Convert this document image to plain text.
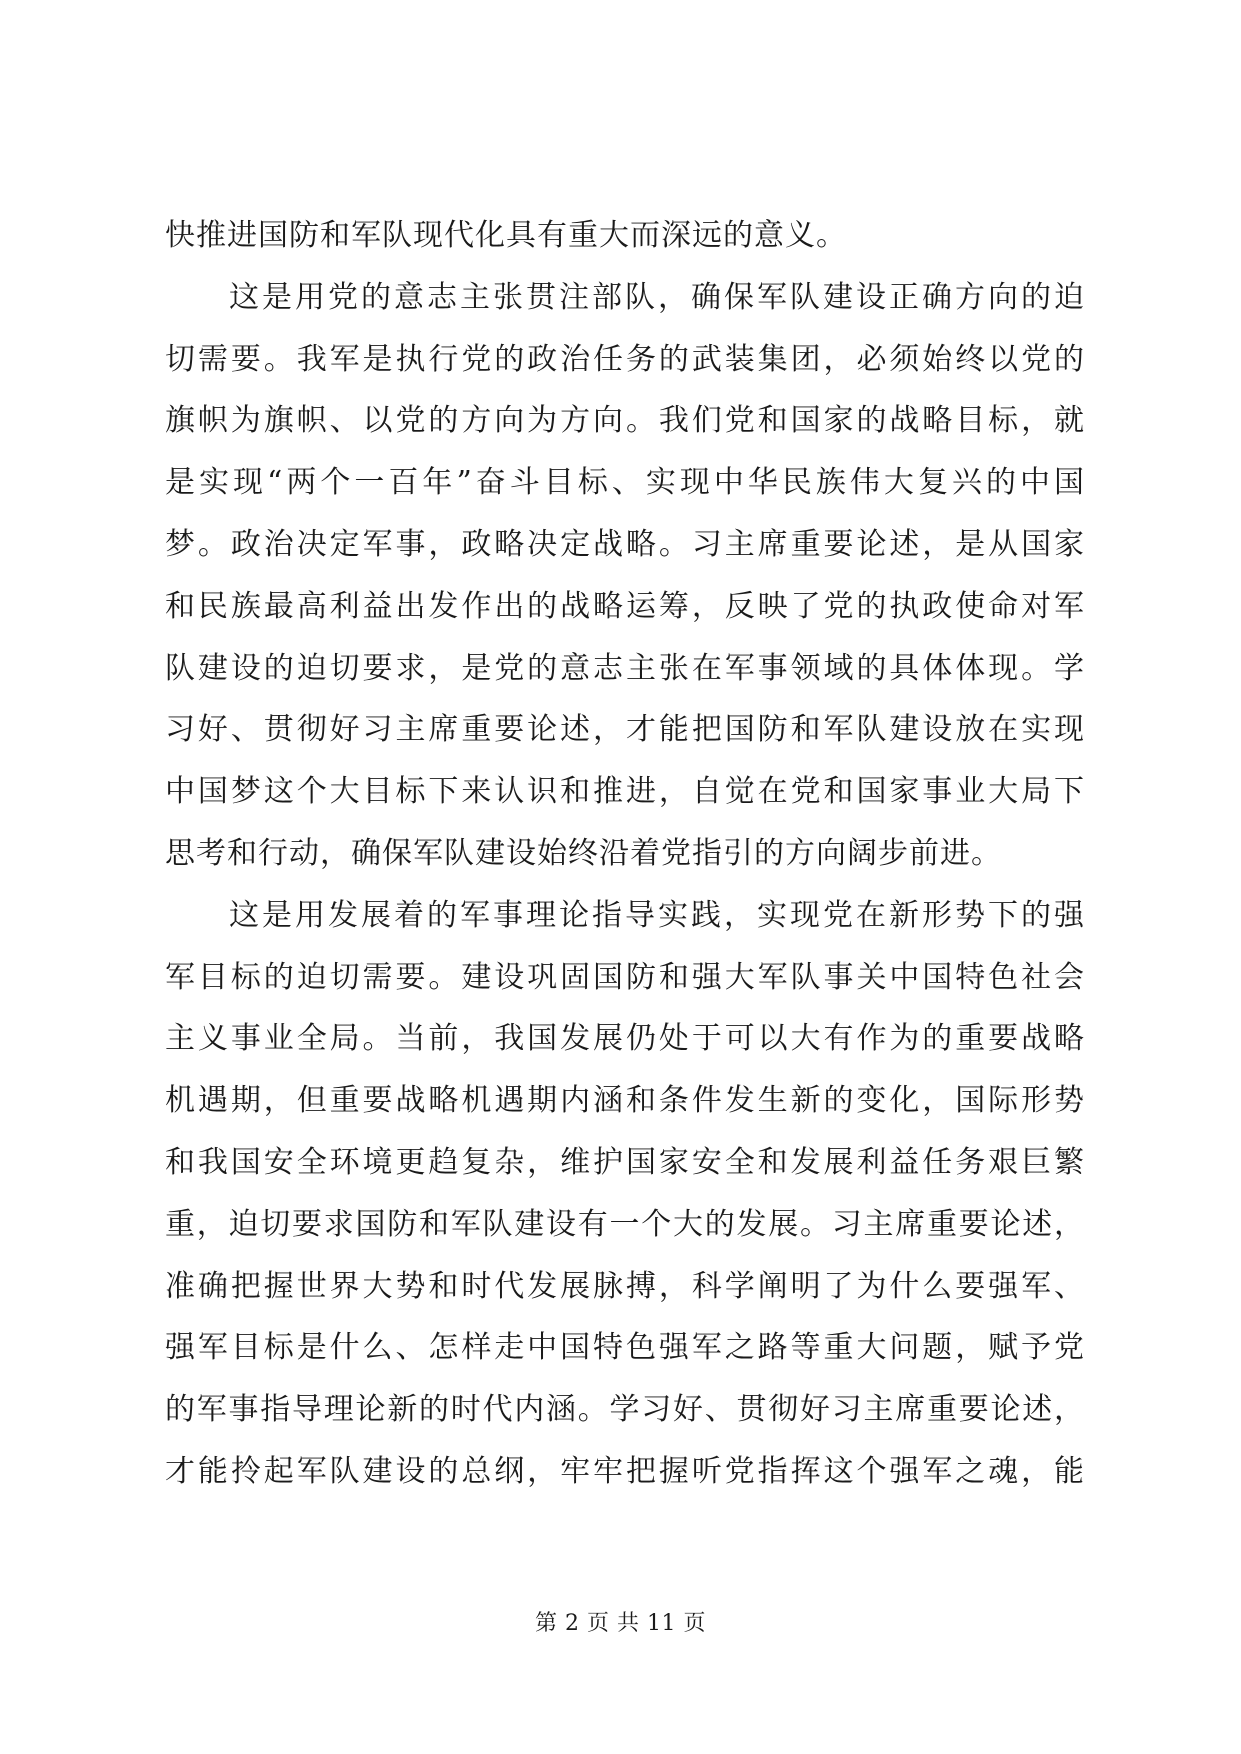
快推进国防和军队现代化具有重大而深远的意义。
这是用党的意志主张贯注部队，确保军队建设正确方向的迫
切需要。我军是执行党的政治任务的武装集团，必须始终以党的
旗帜为旗帜、以党的方向为方向。我们党和国家的战略目标，就
是实现“两个一百年”奋斗目标、实现中华民族伟大复兴的中国
梦。政治决定军事，政略决定战略。习主席重要论述，是从国家
和民族最高利益出发作出的战略运筹，反映了党的执政使命对军
队建设的迫切要求，是党的意志主张在军事领域的具体体现。学
习好、贯彻好习主席重要论述，才能把国防和军队建设放在实现
中国梦这个大目标下来认识和推进，自觉在党和国家事业大局下
思考和行动，确保军队建设始终沿着党指引的方向阔步前进。
这是用发展着的军事理论指导实践，实现党在新形势下的强
军目标的迫切需要。建设巩固国防和强大军队事关中国特色社会
主义事业全局。当前，我国发展仍处于可以大有作为的重要战略
机遇期，但重要战略机遇期内涵和条件发生新的变化，国际形势
和我国安全环境更趋复杂，维护国家安全和发展利益任务艰巨繁
重，迫切要求国防和军队建设有一个大的发展。习主席重要论述，
准确把握世界大势和时代发展脉搏，科学阐明了为什么要强军、
强军目标是什么、怎样走中国特色强军之路等重大问题，赋予党
的军事指导理论新的时代内涵。学习好、贯彻好习主席重要论述，
才能拎起军队建设的总纲，牢牢把握听党指挥这个强军之魂，能
第 2 页 共 11 页
